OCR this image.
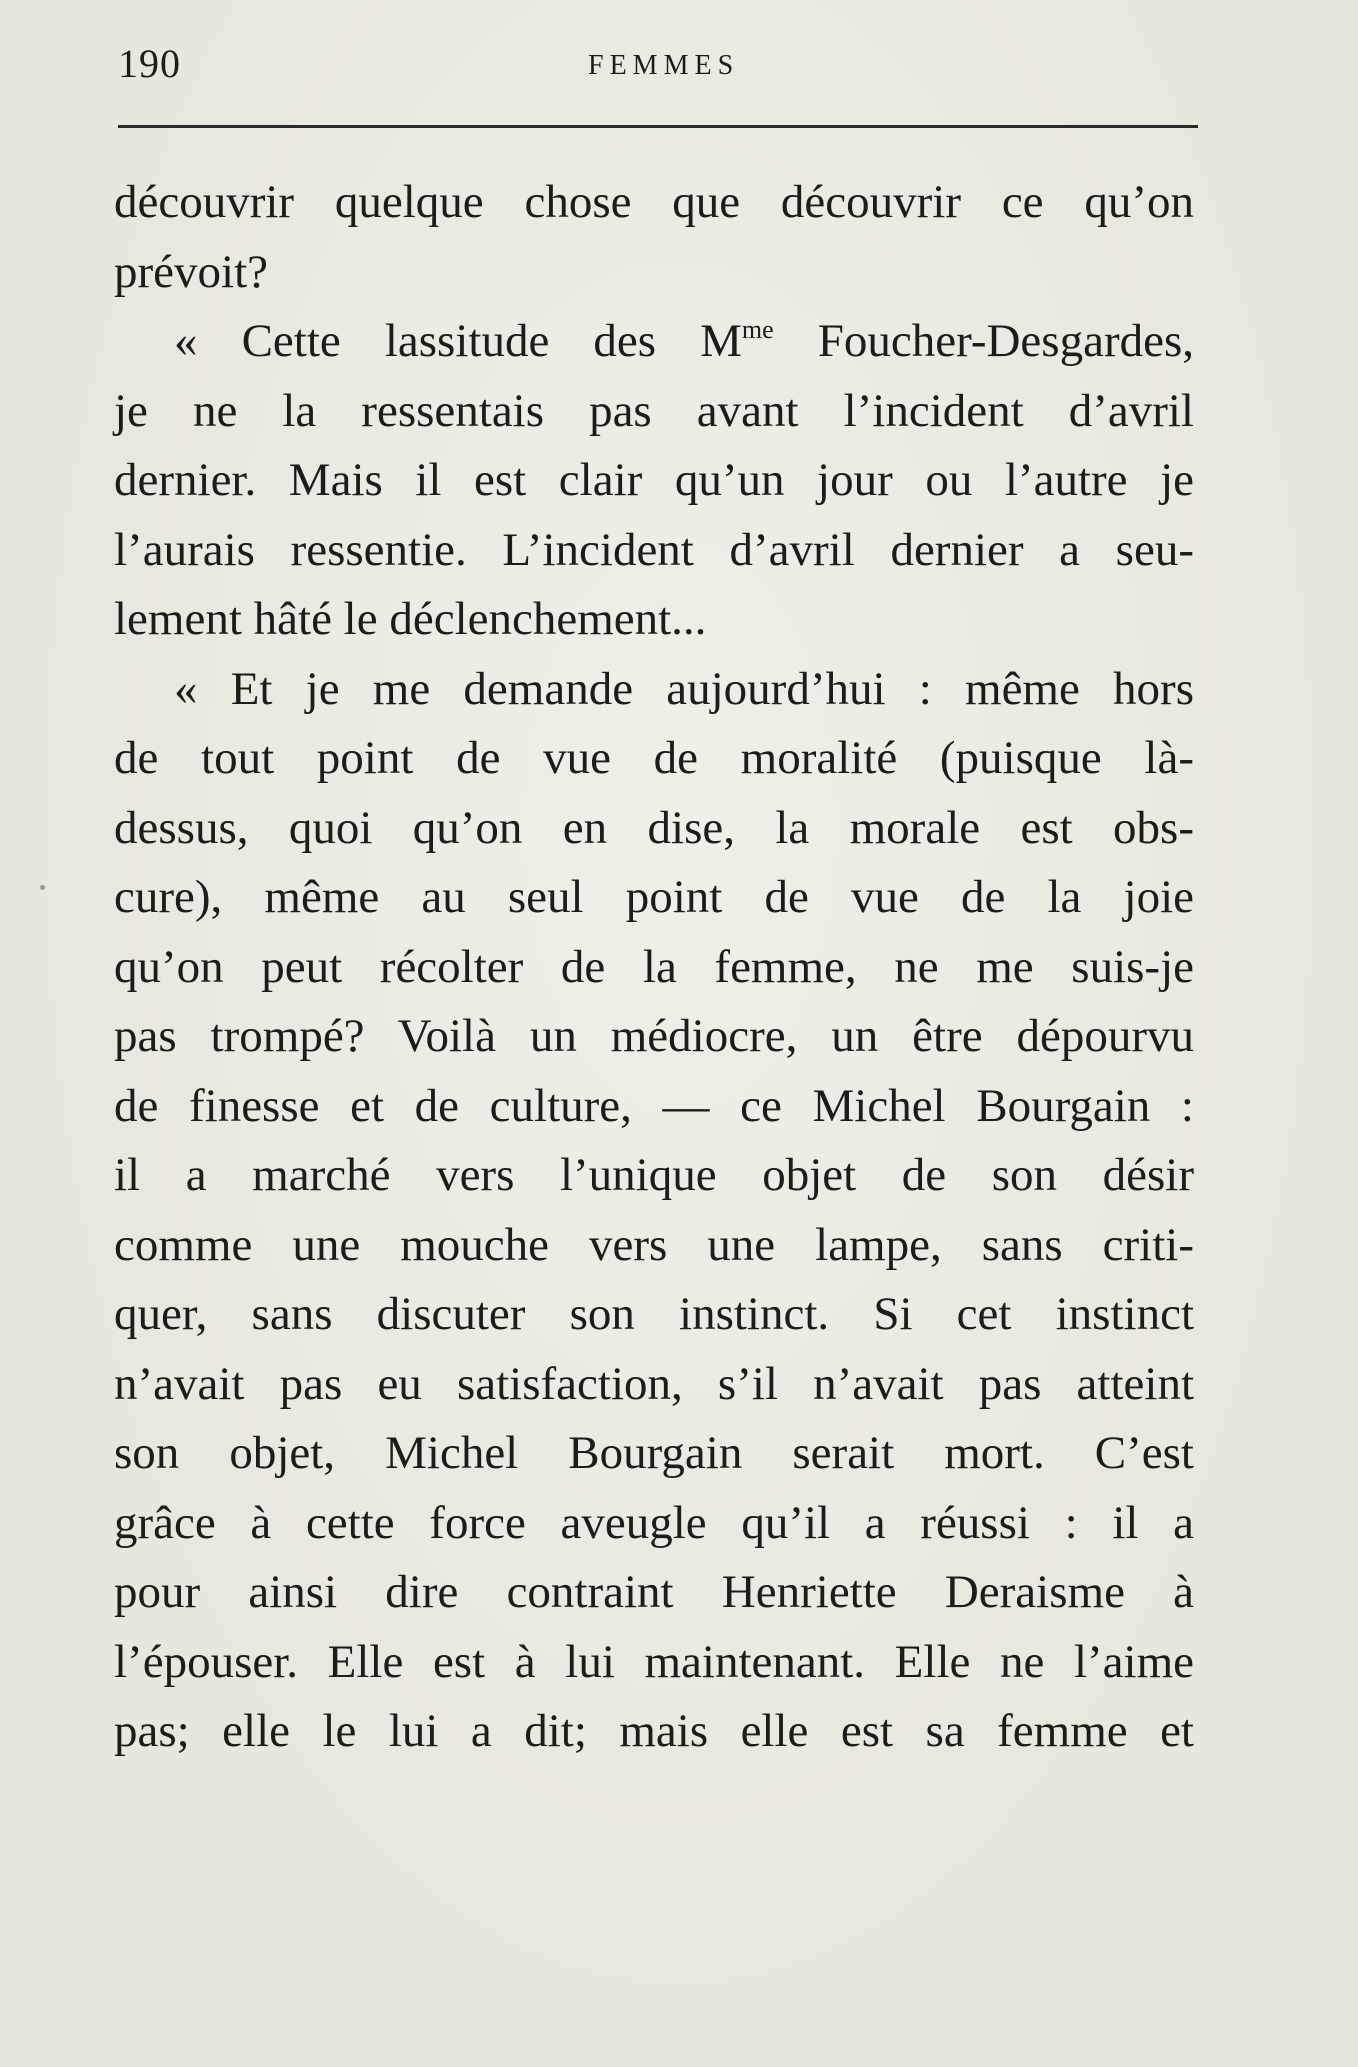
190	FEMMES
découvrir quelque chose que découvrir ce qu’on
prévoit?
« Cette lassitude des $M^{me}$ Foucher-Desgardes,
je ne la ressentais pas avant l’incident d’avril
dernier. Mais il est clair qu’un jour ou l’autre je
l’aurais ressentie. L’incident d’avril dernier a seu-
lement hâté le déclenchement...
« Et je me demande aujourd’hui : même hors
de tout point de vue de moralité (puisque là-
dessus, quoi qu’on en dise, la morale est obs-
cure), même au seul point de vue de la joie
qu’on peut récolter de la femme, ne me suis-je
pas trompé? Voilà un médiocre, un être dépourvu
de finesse et de culture, — ce Michel Bourgain :
il a marché vers l’unique objet de son désir
comme une mouche vers une lampe, sans criti-
quer, sans discuter son instinct. Si cet instinct
n’avait pas eu satisfaction, s’il n’avait pas atteint
son objet, Michel Bourgain serait mort. C’est
grâce à cette force aveugle qu’il a réussi : il a
pour ainsi dire contraint Henriette Deraisme à
l’épouser. Elle est à lui maintenant. Elle ne l’aime
pas; elle le lui a dit; mais elle est sa femme et
